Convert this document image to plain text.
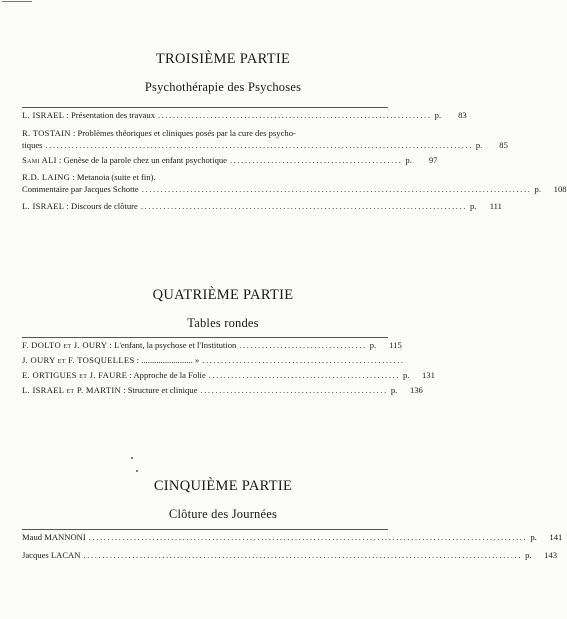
TROISIÈME PARTIE
Psychothérapie des Psychoses
L. ISRAEL : Présentation des travaux ......................................................................... p. 83
R. TOSTAIN : Problèmes théoriques et cliniques posés par la cure des psycho-
tiques .................................................................................................................. p. 85
Sami ALI : Genèse de la parole chez un enfant psychotique .............................................. p. 97
R.D. LAING : Metanoia (suite et fin).
Commentaire par Jacques Schotte ........................................................................................................ p. 108
L. ISRAEL : Discours de clôture ....................................................................................... p. 111
QUATRIÈME PARTIE
Tables rondes
F. DOLTO et J. OURY : L'enfant, la psychose et l'Institution .................................. p. 115
J. OURY et F. TOSQUELLES : ........................ » ......................................................
E. ORTIGUES et J. FAURE : Approche de la Folie ................................................... p. 131
L. ISRAEL et P. MARTIN : Structure et clinique .................................................. p. 136
CINQUIÈME PARTIE
Clôture des Journées
Maud MANNONI ..................................................................................................................... p. 141
Jacques LACAN ..................................................................................................................... p. 143
